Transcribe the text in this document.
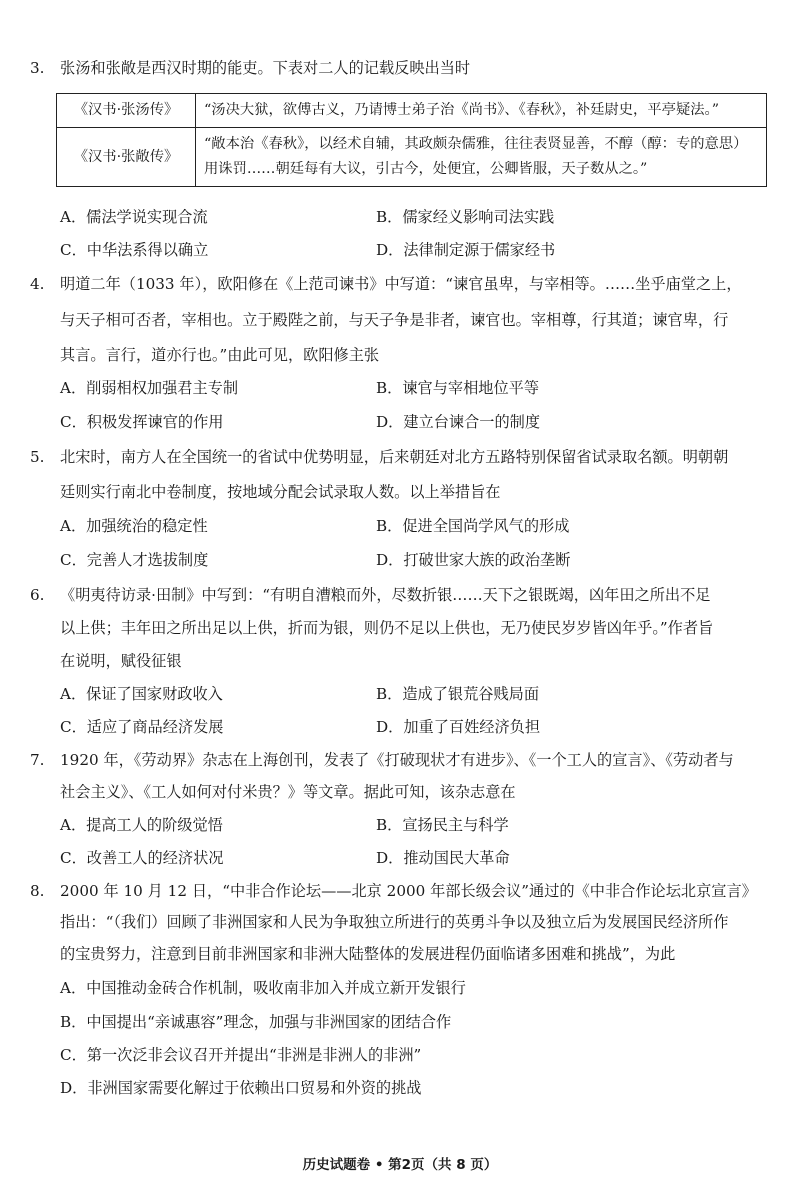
3. 张汤和张敞是西汉时期的能吏。下表对二人的记载反映出当时
《汉书·张汤传》	“汤决大狱，欲傅古义，乃请博士弟子治《尚书》、《春秋》，补廷尉史，平亭疑法。”
《汉书·张敞传》	“敞本治《春秋》，以经术自辅，其政颇杂儒雅，往往表贤显善，不醇（醇：专的意思）用诛罚……朝廷每有大议，引古今，处便宜，公卿皆服，天子数从之。”
A．儒法学说实现合流	B．儒家经义影响司法实践
C．中华法系得以确立	D．法律制定源于儒家经书
4. 明道二年（1033 年），欧阳修在《上范司谏书》中写道：“谏官虽卑，与宰相等。……坐乎庙堂之上，
与天子相可否者，宰相也。立于殿陛之前，与天子争是非者，谏官也。宰相尊，行其道；谏官卑，行
其言。言行，道亦行也。”由此可见，欧阳修主张
A．削弱相权加强君主专制	B．谏官与宰相地位平等
C．积极发挥谏官的作用	D．建立台谏合一的制度
5. 北宋时，南方人在全国统一的省试中优势明显，后来朝廷对北方五路特别保留省试录取名额。明朝朝
廷则实行南北中卷制度，按地域分配会试录取人数。以上举措旨在
A．加强统治的稳定性	B．促进全国尚学风气的形成
C．完善人才选拔制度	D．打破世家大族的政治垄断
6. 《明夷待访录·田制》中写到：“有明自漕粮而外，尽数折银……天下之银既竭，凶年田之所出不足
以上供；丰年田之所出足以上供，折而为银，则仍不足以上供也，无乃使民岁岁皆凶年乎。”作者旨
在说明，赋役征银
A．保证了国家财政收入	B．造成了银荒谷贱局面
C．适应了商品经济发展	D．加重了百姓经济负担
7. 1920 年，《劳动界》杂志在上海创刊，发表了《打破现状才有进步》、《一个工人的宣言》、《劳动者与
社会主义》、《工人如何对付米贵？》等文章。据此可知，该杂志意在
A．提高工人的阶级觉悟	B．宣扬民主与科学
C．改善工人的经济状况	D．推动国民大革命
8. 2000 年 10 月 12 日，“中非合作论坛——北京 2000 年部长级会议”通过的《中非合作论坛北京宣言》
指出：“（我们）回顾了非洲国家和人民为争取独立所进行的英勇斗争以及独立后为发展国民经济所作
的宝贵努力，注意到目前非洲国家和非洲大陆整体的发展进程仍面临诸多困难和挑战”，为此
A．中国推动金砖合作机制，吸收南非加入并成立新开发银行
B．中国提出“亲诚惠容”理念，加强与非洲国家的团结合作
C．第一次泛非会议召开并提出“非洲是非洲人的非洲”
D．非洲国家需要化解过于依赖出口贸易和外资的挑战
历史试题卷 • 第2页（共 8 页）
